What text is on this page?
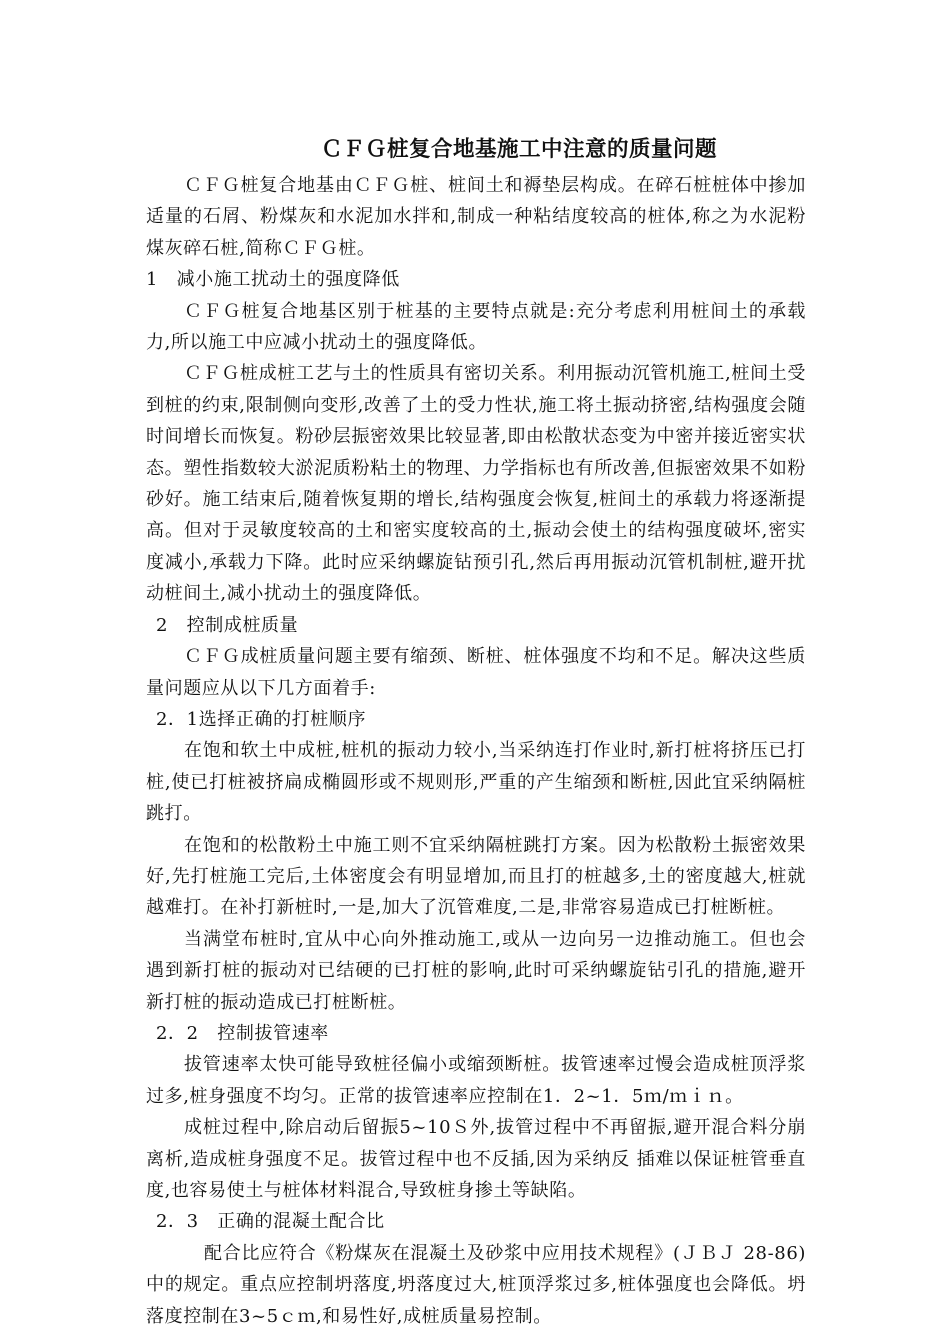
ＣＦＧ桩复合地基施工中注意的质量问题

ＣＦＧ桩复合地基由ＣＦＧ桩、桩间土和褥垫层构成。在碎石桩桩体中掺加适量的石屑、粉煤灰和水泥加水拌和,制成一种粘结度较高的桩体,称之为水泥粉煤灰碎石桩,简称ＣＦＧ桩。

1　减小施工扰动土的强度降低

ＣＦＧ桩复合地基区别于桩基的主要特点就是:充分考虑利用桩间土的承载力,所以施工中应减小扰动土的强度降低。

ＣＦＧ桩成桩工艺与土的性质具有密切关系。利用振动沉管机施工,桩间土受到桩的约束,限制侧向变形,改善了土的受力性状,施工将土振动挤密,结构强度会随时间增长而恢复。粉砂层振密效果比较显著,即由松散状态变为中密并接近密实状态。塑性指数较大淤泥质粉粘土的物理、力学指标也有所改善,但振密效果不如粉砂好。施工结束后,随着恢复期的增长,结构强度会恢复,桩间土的承载力将逐渐提高。但对于灵敏度较高的土和密实度较高的土,振动会使土的结构强度破坏,密实度减小,承载力下降。此时应采纳螺旋钻预引孔,然后再用振动沉管机制桩,避开扰动桩间土,减小扰动土的强度降低。

2　控制成桩质量

ＣＦＧ成桩质量问题主要有缩颈、断桩、桩体强度不均和不足。解决这些质量问题应从以下几方面着手:

2．1选择正确的打桩顺序

在饱和软土中成桩,桩机的振动力较小,当采纳连打作业时,新打桩将挤压已打桩,使已打桩被挤扁成椭圆形或不规则形,严重的产生缩颈和断桩,因此宜采纳隔桩跳打。

在饱和的松散粉土中施工则不宜采纳隔桩跳打方案。因为松散粉土振密效果好,先打桩施工完后,土体密度会有明显增加,而且打的桩越多,土的密度越大,桩就越难打。在补打新桩时,一是,加大了沉管难度,二是,非常容易造成已打桩断桩。

当满堂布桩时,宜从中心向外推动施工,或从一边向另一边推动施工。但也会遇到新打桩的振动对已结硬的已打桩的影响,此时可采纳螺旋钻引孔的措施,避开新打桩的振动造成已打桩断桩。

2．2　控制拔管速率

拔管速率太快可能导致桩径偏小或缩颈断桩。拔管速率过慢会造成桩顶浮浆过多,桩身强度不均匀。正常的拔管速率应控制在1．2~1．5ｍ/ｍｉｎ。

成桩过程中,除启动后留振5~10Ｓ外,拔管过程中不再留振,避开混合料分崩离析,造成桩身强度不足。拔管过程中也不反插,因为采纳反 插难以保证桩管垂直度,也容易使土与桩体材料混合,导致桩身掺土等缺陷。

2．3　正确的混凝土配合比

配合比应符合《粉煤灰在混凝土及砂浆中应用技术规程》(ＪＢＪ 28-86)中的规定。重点应控制坍落度,坍落度过大,桩顶浮浆过多,桩体强度也会降低。坍落度控制在3~5ｃｍ,和易性好,成桩质量易控制。
